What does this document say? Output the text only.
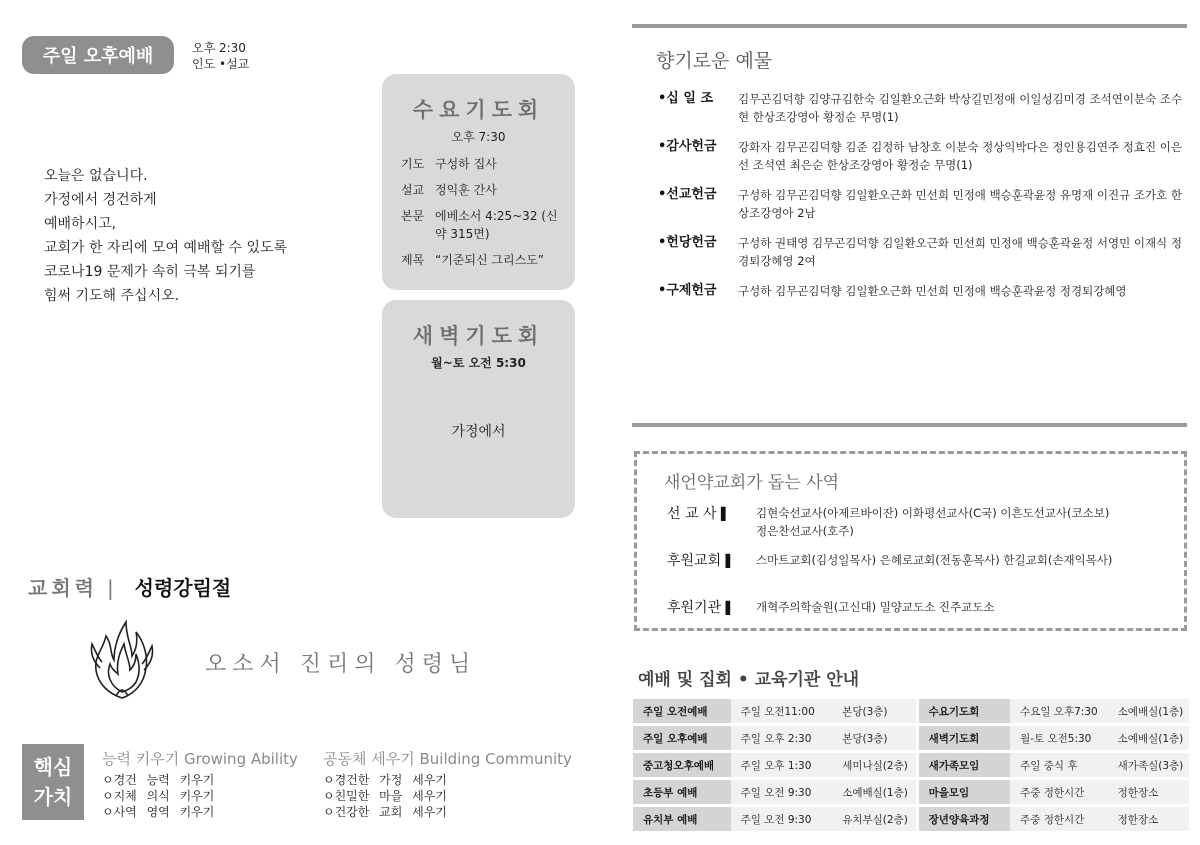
주일 오후예배	오후 2:30
인도 •설교
오늘은 없습니다.
가정에서 경건하게
예배하시고,
교회가 한 자리에 모여 예배할 수 있도록
코로나19 문제가 속히 극복 되기를
힘써 기도해 주십시오.
수요기도회
오후 7:30
기도 구성하 집사
설교 정익훈 간사
본문 에베소서 4:25~32 (신약 315면)
제목 “기준되신 그리스도”
새벽기도회
월~토 오전 5:30
가정에서
교회력 | 성령강림절
오소서 진리의 성령님
핵심
가치
능력 키우기 Growing Ability
ㅇ경건 능력 키우기
ㅇ지체 의식 키우기
ㅇ사역 영역 키우기
공동체 세우기 Building Community
ㅇ경건한 가정 세우기
ㅇ친밀한 마을 세우기
ㅇ건강한 교회 세우기
향기로운 예물
•십 일 조	김무곤김덕향 김양규김한숙 김일환오근화 박상길민정애 이일성김미경 조석연이분숙 조수현 한상조강영아 황정순 무명(1)
•감사헌금	강화자 김무곤김덕향 김준 김정하 남창호 이분숙 정상익박다은 정인용김연주 정효진 이은선 조석연 최은순 한상조강영아 황정순 무명(1)
•선교헌금	구성하 김무곤김덕향 김일환오근화 민선희 민정애 백승훈곽윤정 유명재 이진규 조가호 한상조강영아 2남
•헌당헌금	구성하 권태영 김무곤김덕향 김일환오근화 민선희 민정애 백승훈곽윤정 서영민 이재식 정경퇴강혜영 2여
•구제헌금	구성하 김무곤김덕향 김일환오근화 민선희 민정애 백승훈곽윤정 정경퇴강혜영
새언약교회가 돕는 사역
선 교 사 ▌	김현숙선교사(아제르바이잔) 이화평선교사(C국) 이흔도선교사(코소보) 정은찬선교사(호주)
후원교회 ▌	스마트교회(김성일목사) 은혜로교회(전동훈목사) 한길교회(손재익목사)
후원기관 ▌	개혁주의학술원(고신대) 밀양교도소 진주교도소
예배 및 집회 • 교육기관 안내
주일 오전예배	주일 오전11:00	본당(3층)		수요기도회	수요일 오후7:30	소예배실(1층)
주일 오후예배	주일 오후 2:30	본당(3층)		새벽기도회	월-토 오전5:30	소예배실(1층)
중고청오후예배	주일 오후 1:30	세미나실(2층)		새가족모임	주일 중식 후	새가족실(3층)
초등부 예배	주일 오전 9:30	소예배실(1층)		마을모임	주중 정한시간	정한장소
유치부 예배	주일 오전 9:30	유치부실(2층)		장년양육과정	주중 정한시간	정한장소
